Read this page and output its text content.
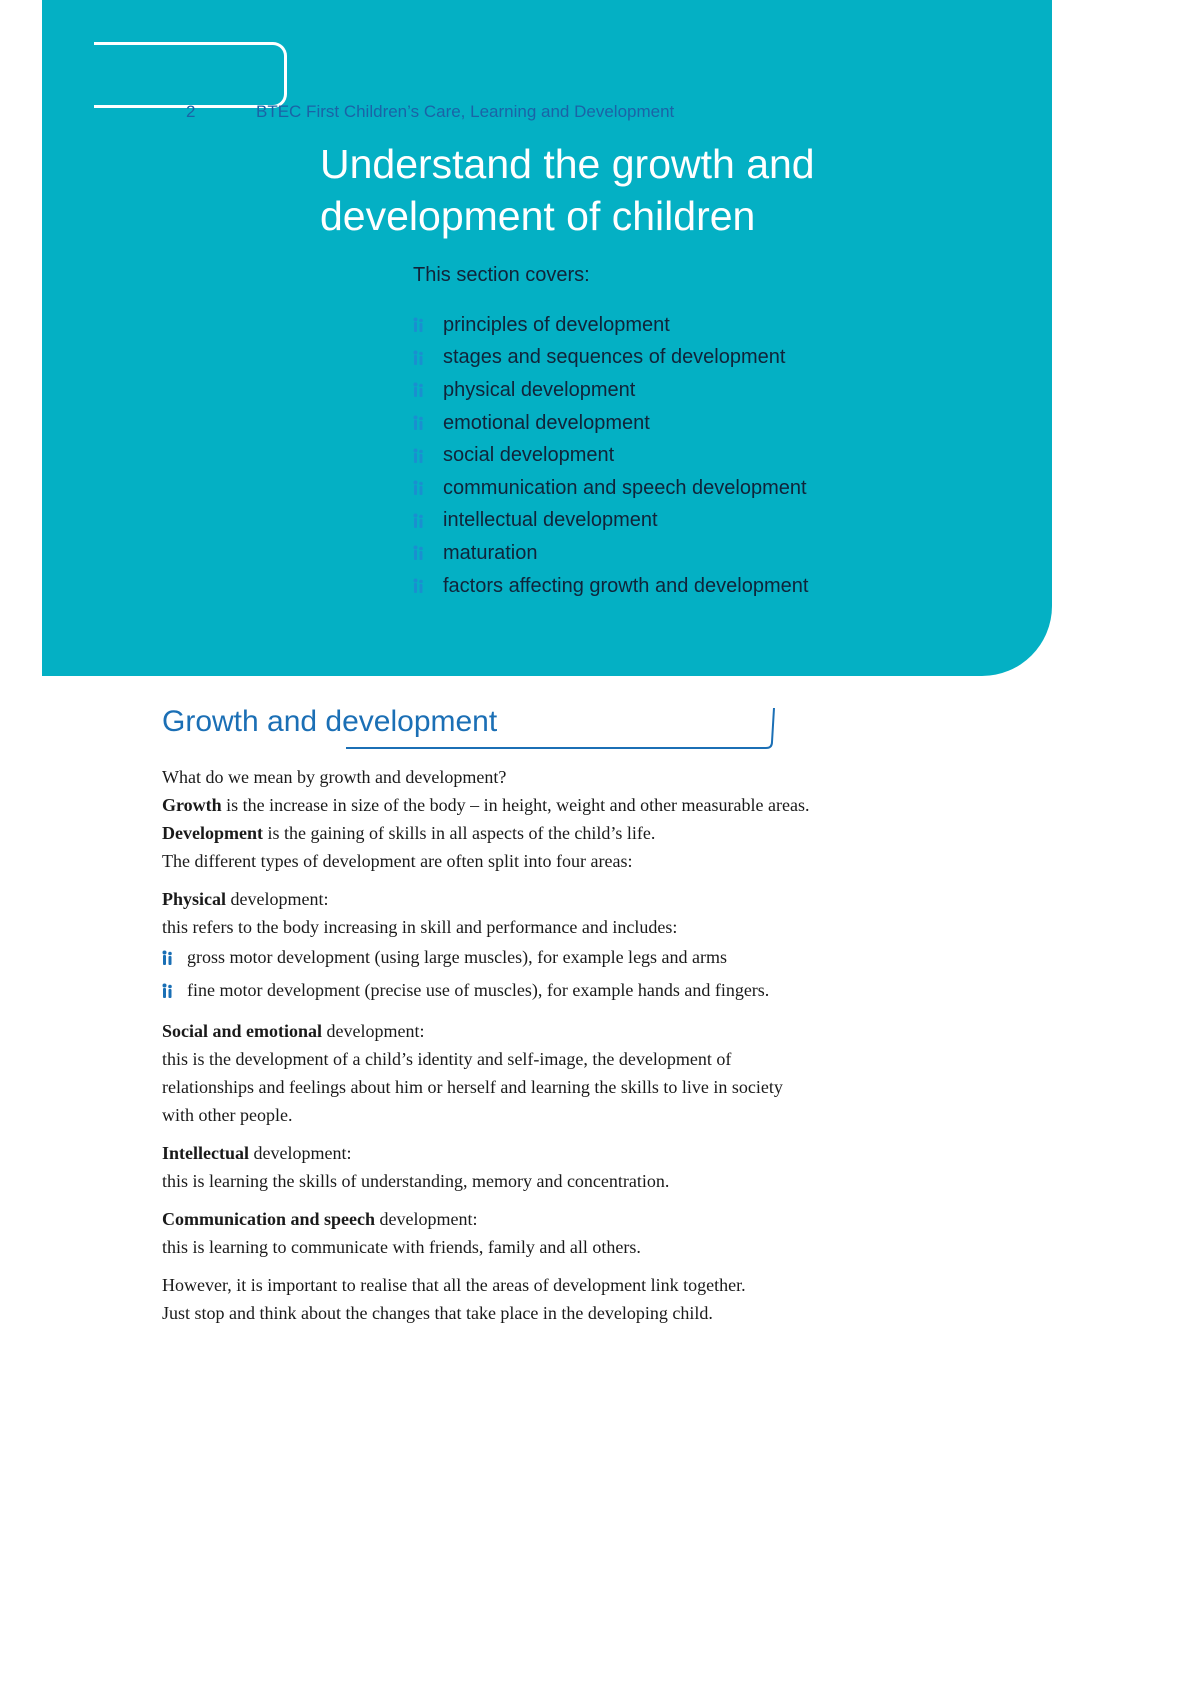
2	BTEC First Children’s Care, Learning and Development
Understand the growth and development of children
This section covers:
principles of development
stages and sequences of development
physical development
emotional development
social development
communication and speech development
intellectual development
maturation
factors affecting growth and development
Growth and development
What do we mean by growth and development?
Growth is the increase in size of the body – in height, weight and other measurable areas.
Development is the gaining of skills in all aspects of the child’s life.
The different types of development are often split into four areas:
Physical development:
this refers to the body increasing in skill and performance and includes:
gross motor development (using large muscles), for example legs and arms
fine motor development (precise use of muscles), for example hands and fingers.
Social and emotional development:
this is the development of a child’s identity and self-image, the development of
relationships and feelings about him or herself and learning the skills to live in society
with other people.
Intellectual development:
this is learning the skills of understanding, memory and concentration.
Communication and speech development:
this is learning to communicate with friends, family and all others.
However, it is important to realise that all the areas of development link together.
Just stop and think about the changes that take place in the developing child.
